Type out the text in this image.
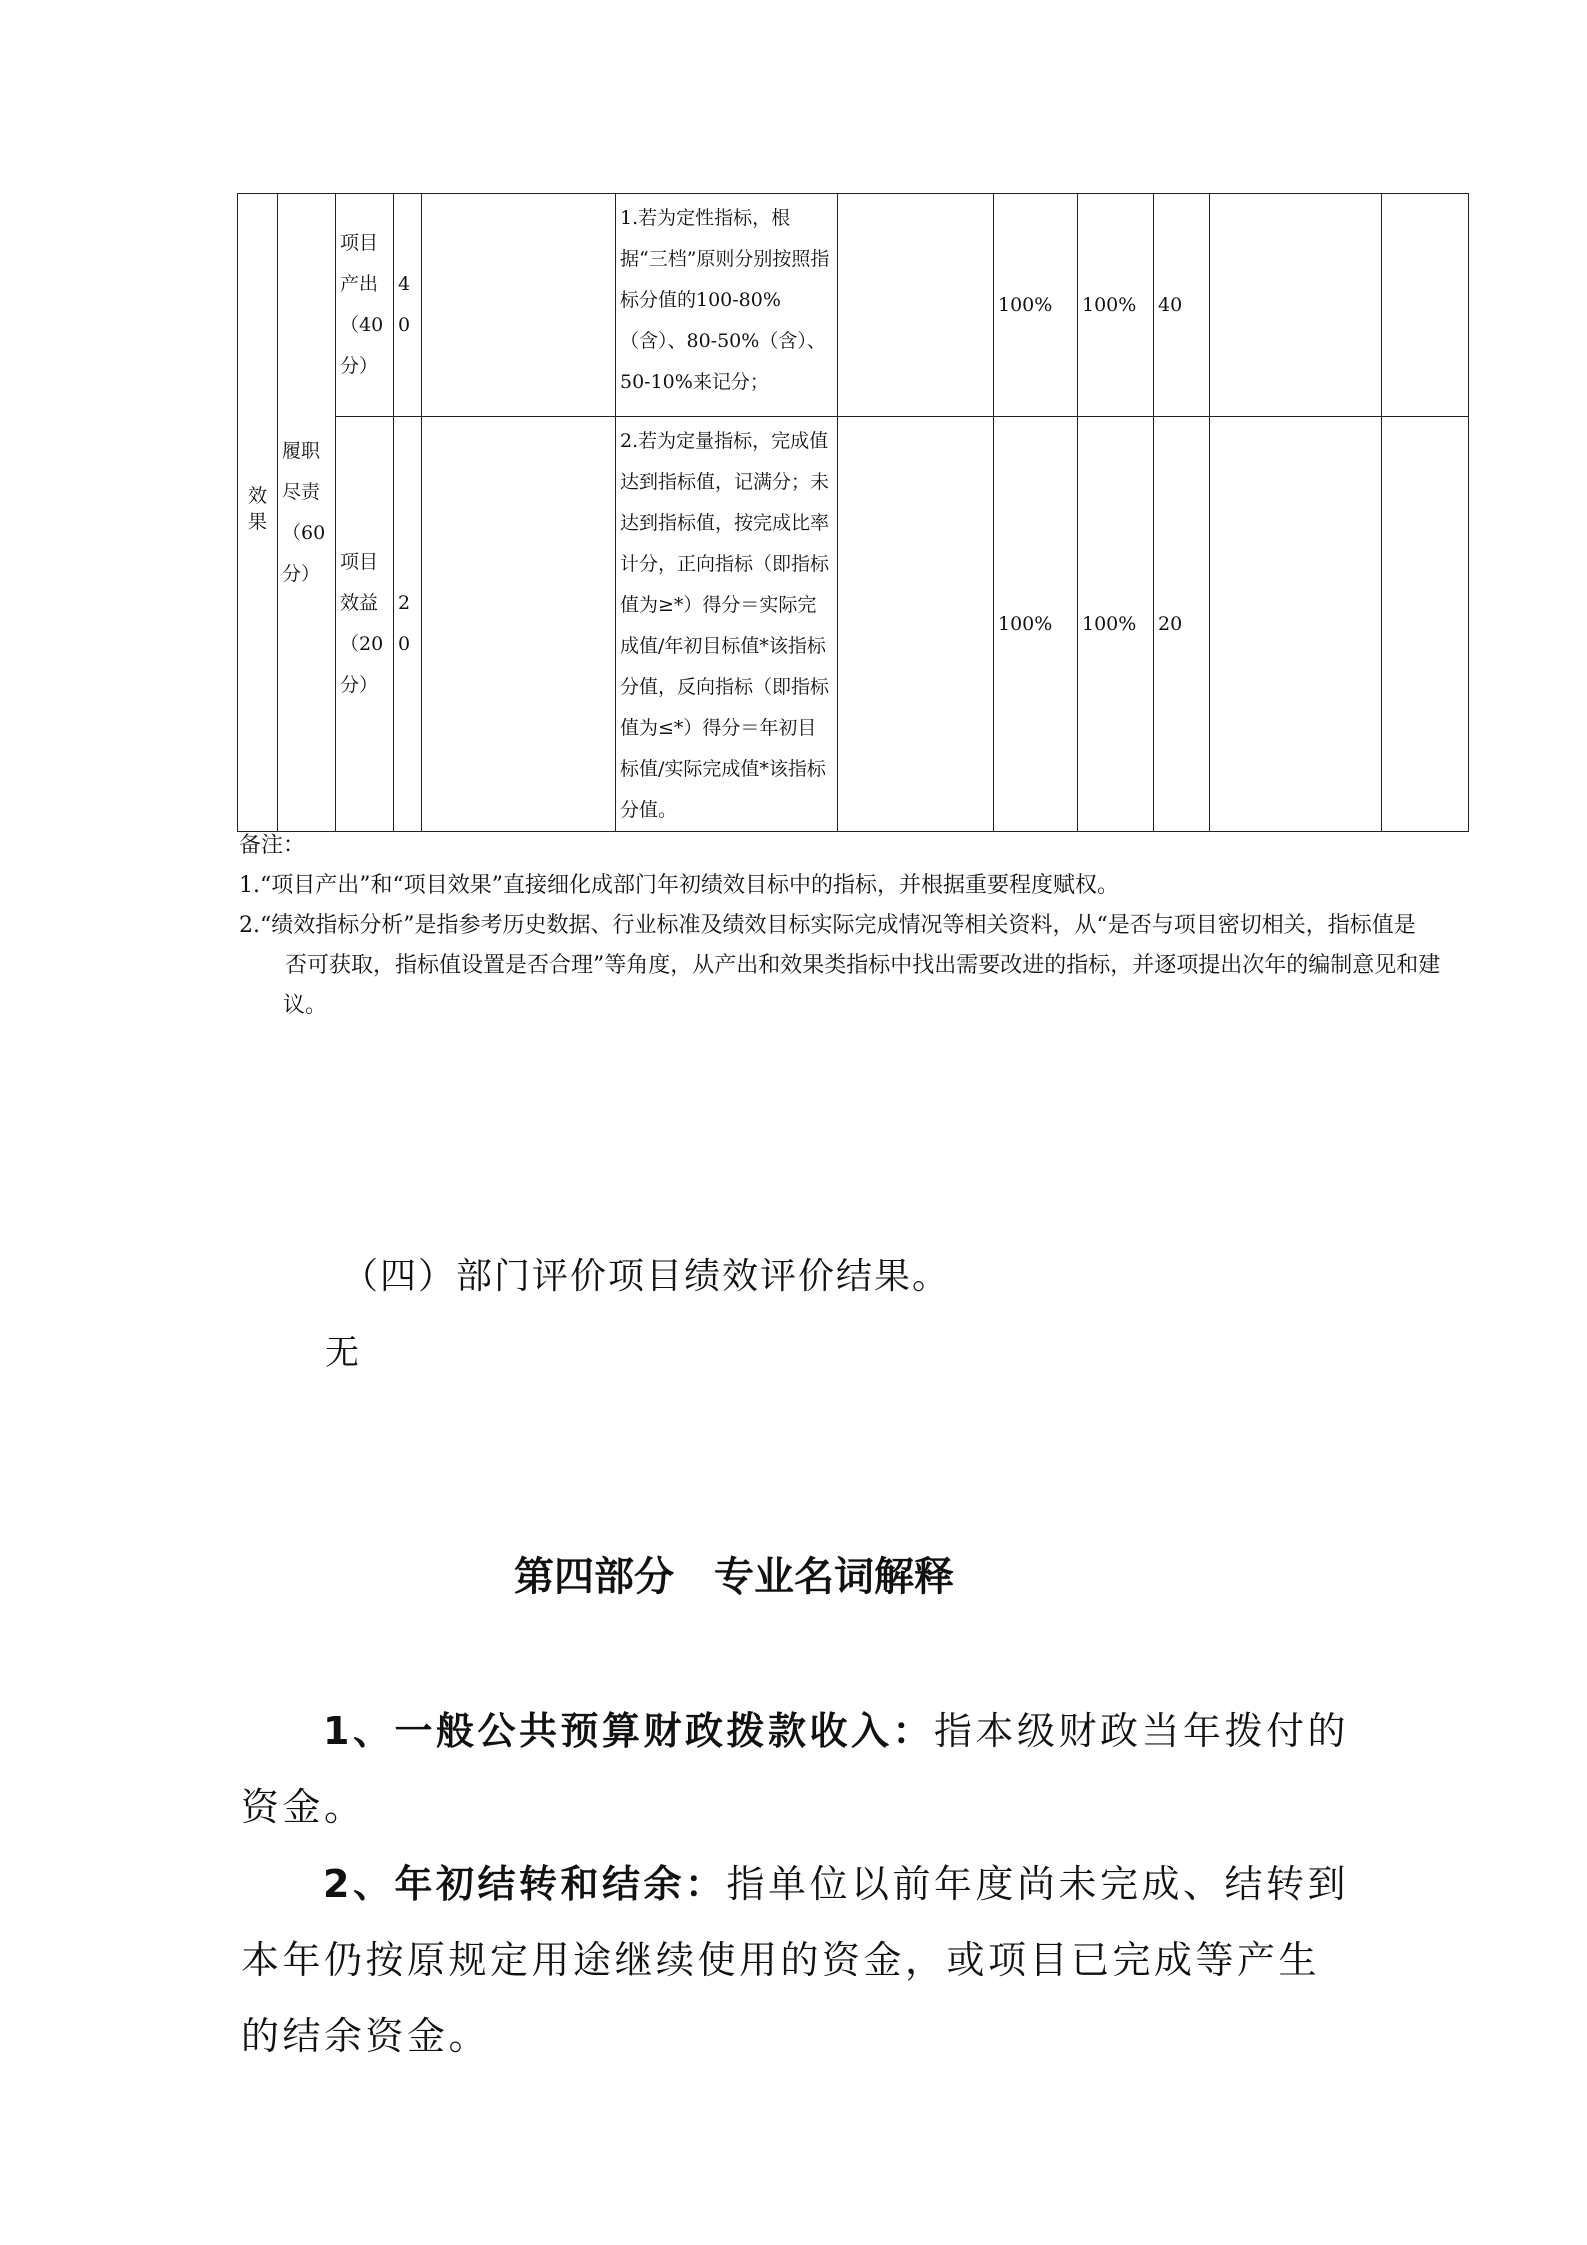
效果	履职尽责（60分）	项目产出（40分）	40		1.若为定性指标，根据“三档”原则分别按照指标分值的100-80%（含）、80-50%（含）、50-10%来记分；		100%	100%	40		
		项目效益（20分）	20		2.若为定量指标，完成值达到指标值，记满分；未达到指标值，按完成比率计分，正向指标（即指标值为≥*）得分＝实际完成值/年初目标值*该指标分值，反向指标（即指标值为≤*）得分＝年初目标值/实际完成值*该指标分值。		100%	100%	20		

备注：

1.“项目产出”和“项目效果”直接细化成部门年初绩效目标中的指标，并根据重要程度赋权。

2.“绩效指标分析”是指参考历史数据、行业标准及绩效目标实际完成情况等相关资料，从“是否与项目密切相关，指标值是

否可获取，指标值设置是否合理”等角度，从产出和效果类指标中找出需要改进的指标，并逐项提出次年的编制意见和建

议。

（四）部门评价项目绩效评价结果。
无
第四部分　专业名词解释
1、一般公共预算财政拨款收入：指本级财政当年拨付的资金。
2、年初结转和结余：指单位以前年度尚未完成、结转到本年仍按原规定用途继续使用的资金，或项目已完成等产生的结余资金。
